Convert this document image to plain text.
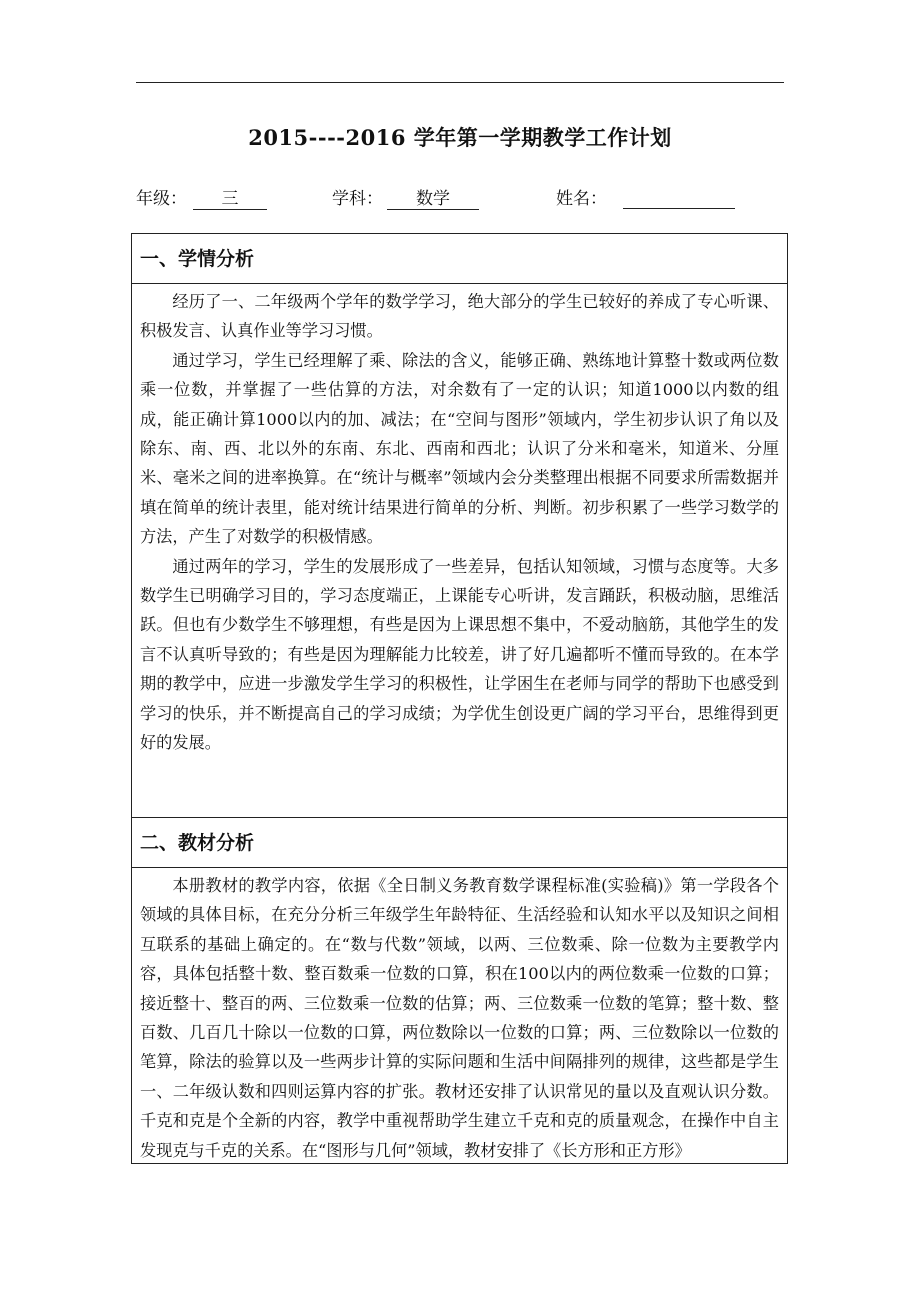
2015----2016 学年第一学期教学工作计划
年级： 三	学科： 数学	姓名：
一、学情分析

经历了一、二年级两个学年的数学学习，绝大部分的学生已较好的养成了专心听课、积极发言、认真作业等学习习惯。

通过学习，学生已经理解了乘、除法的含义，能够正确、熟练地计算整十数或两位数乘一位数，并掌握了一些估算的方法，对余数有了一定的认识；知道1000以内数的组成，能正确计算1000以内的加、减法；在“空间与图形”领域内，学生初步认识了角以及除东、南、西、北以外的东南、东北、西南和西北；认识了分米和毫米，知道米、分厘米、毫米之间的进率换算。在“统计与概率”领域内会分类整理出根据不同要求所需数据并填在简单的统计表里，能对统计结果进行简单的分析、判断。初步积累了一些学习数学的方法，产生了对数学的积极情感。

通过两年的学习，学生的发展形成了一些差异，包括认知领域，习惯与态度等。大多数学生已明确学习目的，学习态度端正，上课能专心听讲，发言踊跃，积极动脑，思维活跃。但也有少数学生不够理想，有些是因为上课思想不集中，不爱动脑筋，其他学生的发言不认真听导致的；有些是因为理解能力比较差，讲了好几遍都听不懂而导致的。在本学期的教学中，应进一步激发学生学习的积极性，让学困生在老师与同学的帮助下也感受到学习的快乐，并不断提高自己的学习成绩；为学优生创设更广阔的学习平台，思维得到更好的发展。

二、教材分析

本册教材的教学内容，依据《全日制义务教育数学课程标准(实验稿)》第一学段各个领域的具体目标，在充分分析三年级学生年龄特征、生活经验和认知水平以及知识之间相互联系的基础上确定的。在“数与代数”领域，以两、三位数乘、除一位数为主要教学内容，具体包括整十数、整百数乘一位数的口算，积在100以内的两位数乘一位数的口算；接近整十、整百的两、三位数乘一位数的估算；两、三位数乘一位数的笔算；整十数、整百数、几百几十除以一位数的口算，两位数除以一位数的口算；两、三位数除以一位数的笔算，除法的验算以及一些两步计算的实际问题和生活中间隔排列的规律，这些都是学生一、二年级认数和四则运算内容的扩张。教材还安排了认识常见的量以及直观认识分数。千克和克是个全新的内容，教学中重视帮助学生建立千克和克的质量观念，在操作中自主发现克与千克的关系。在“图形与几何”领域，教材安排了《长方形和正方形》
